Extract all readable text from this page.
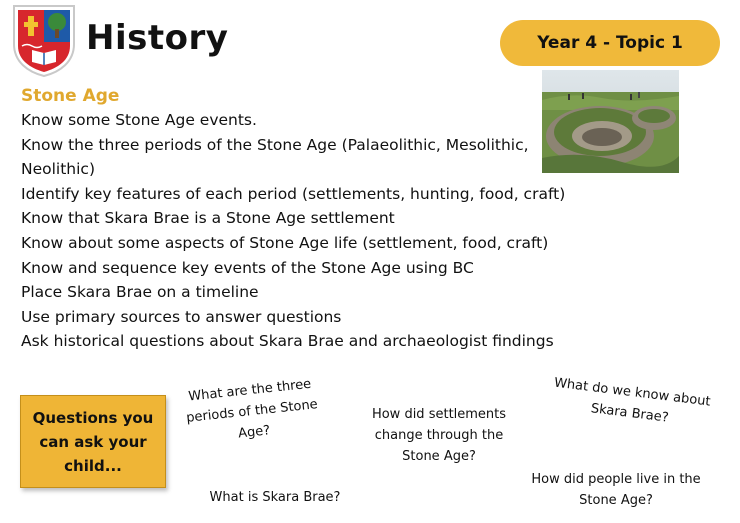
History	Year 4 - Topic 1
Stone Age
Know some Stone Age events.
Know the three periods of the Stone Age (Palaeolithic, Mesolithic, Neolithic)
Identify key features of each period (settlements, hunting, food, craft)
Know that Skara Brae is a Stone Age settlement
Know about some aspects of Stone Age life (settlement, food, craft)
Know and sequence key events of the Stone Age using BC
Place Skara Brae on a timeline
Use primary sources to answer questions
Ask historical questions about Skara Brae and archaeologist findings
Questions you can ask your child...
What are the three periods of the Stone Age?
How did settlements change through the Stone Age?
What do we know about Skara Brae?
What is Skara Brae?
How did people live in the Stone Age?
